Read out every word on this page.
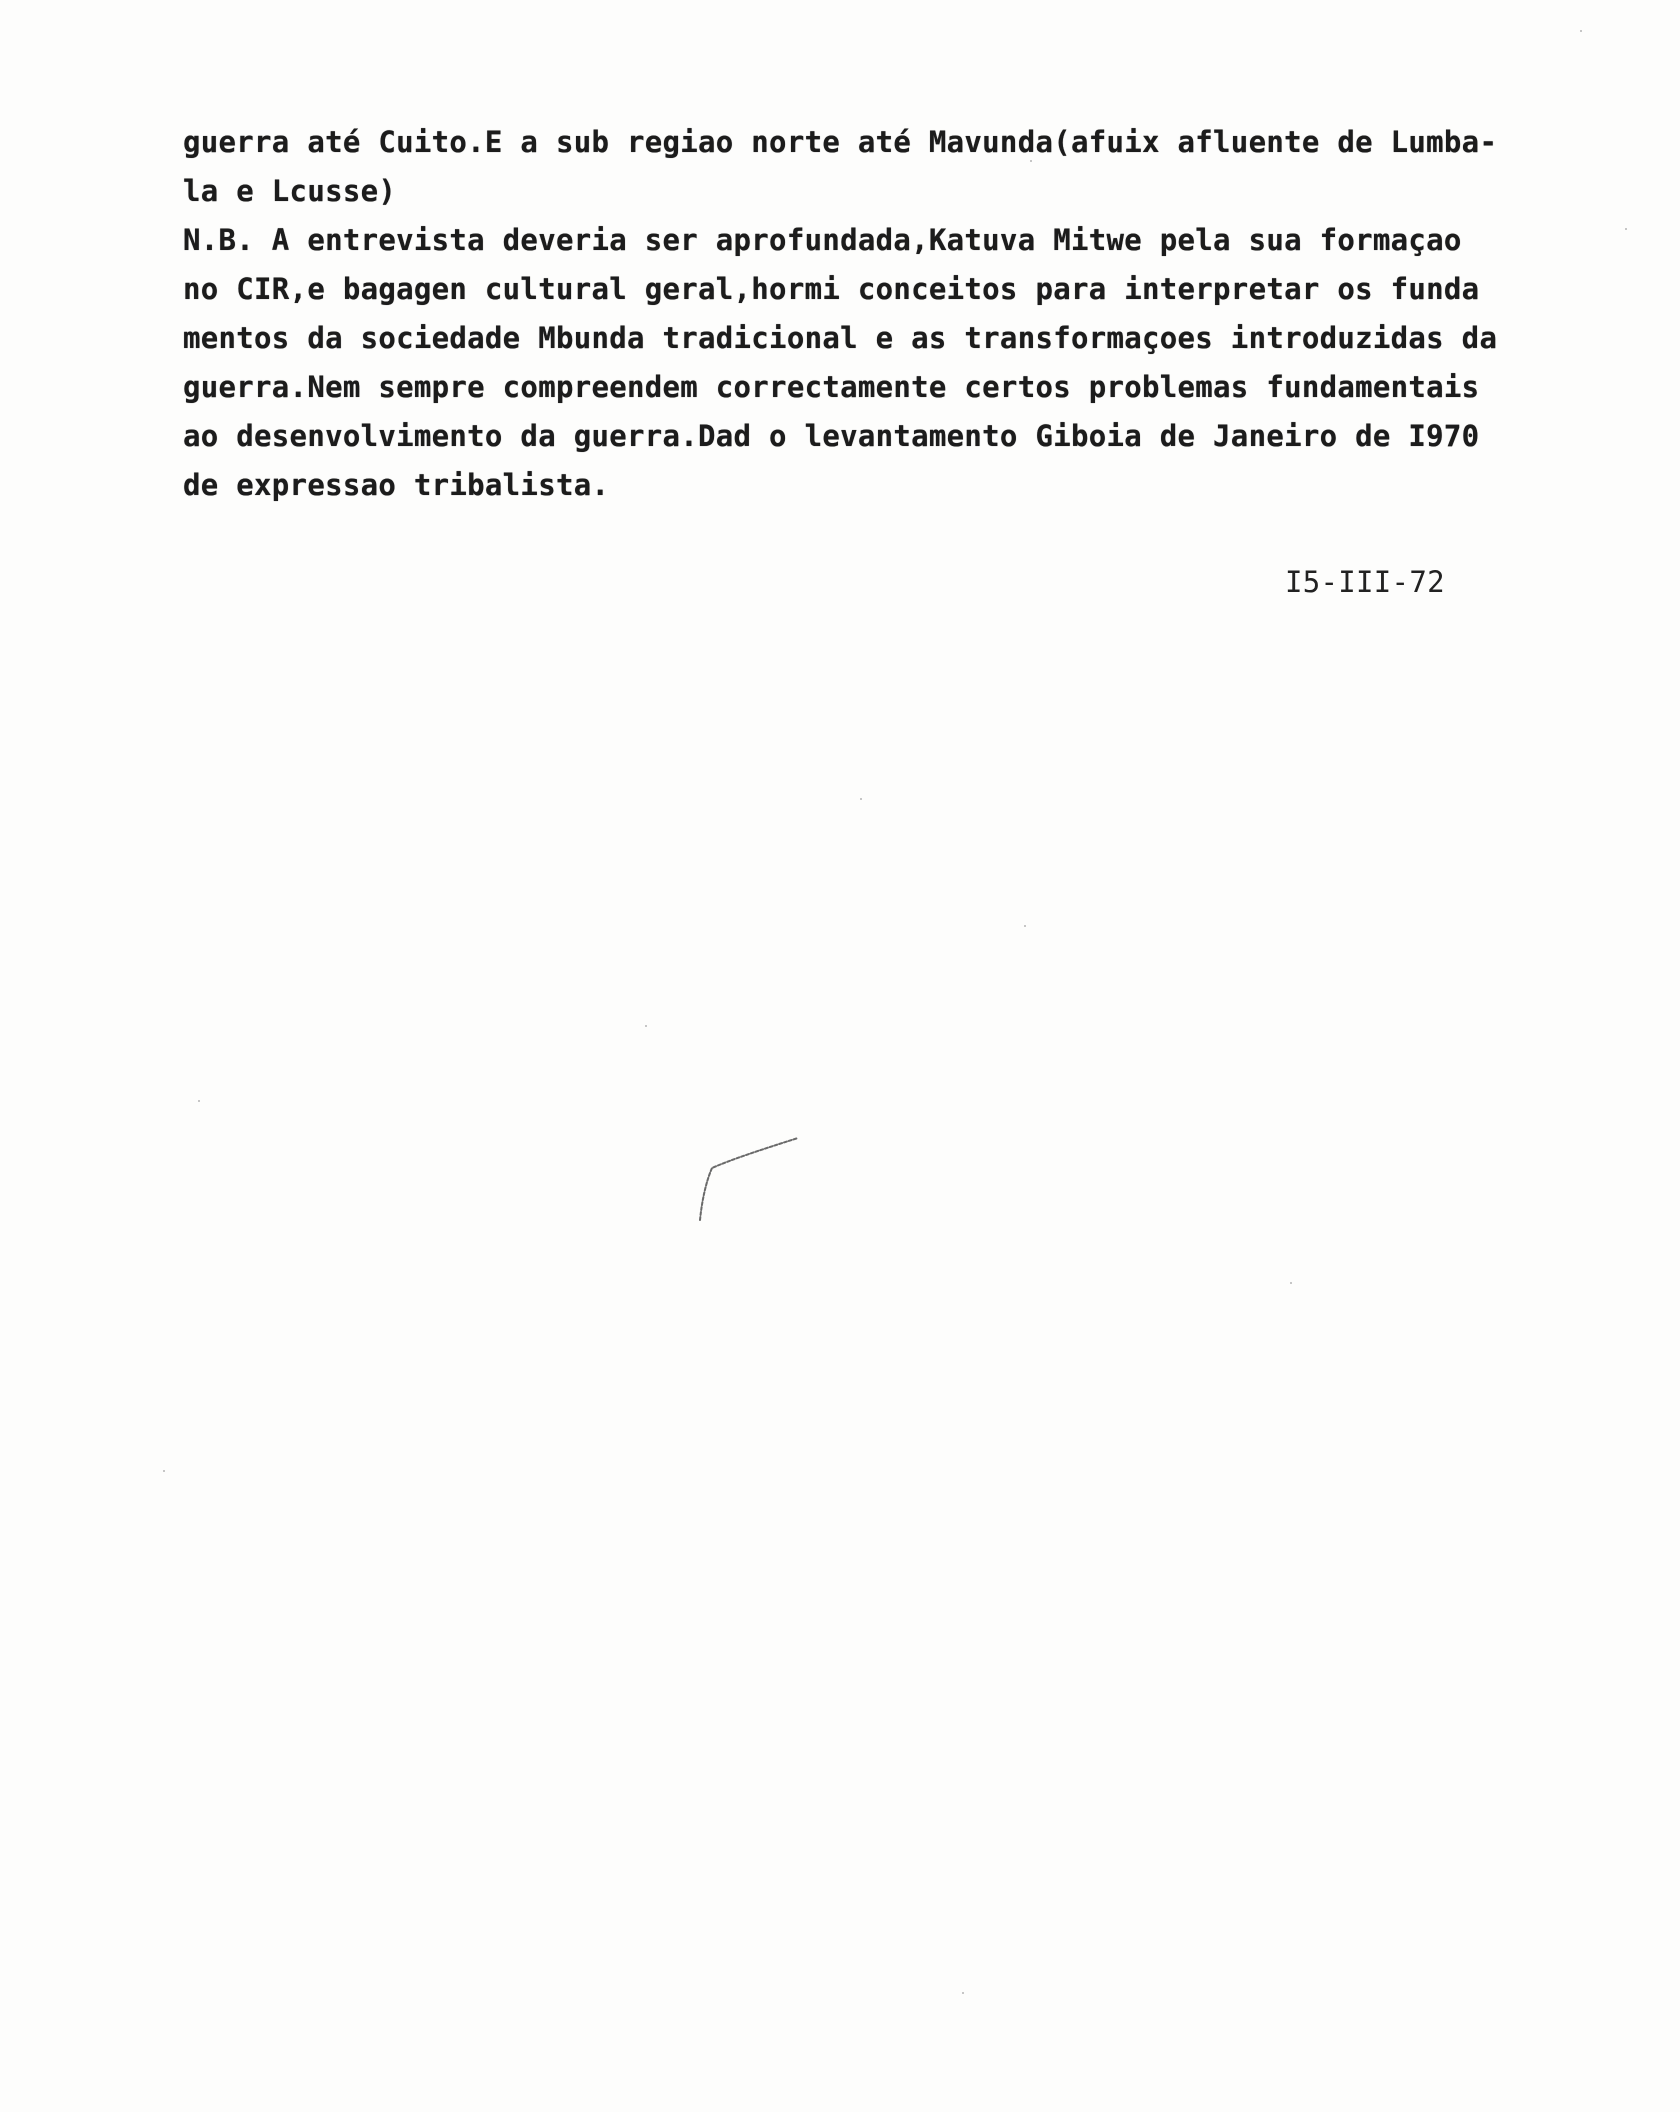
guerra até Cuito.E a sub regiao norte até Mavunda(afuix afluente de Lumba-
la e Lcusse)
N.B. A entrevista deveria ser aprofundada,Katuva Mitwe pela sua formaçao
no CIR,e bagagen cultural geral,hormi conceitos para interpretar os funda
mentos da sociedade Mbunda tradicional e as transformaçoes introduzidas da
guerra.Nem sempre compreendem correctamente certos problemas fundamentais
ao desenvolvimento da guerra.Dad o levantamento Giboia de Janeiro de I970
de expressao tribalista.
I5-III-72
